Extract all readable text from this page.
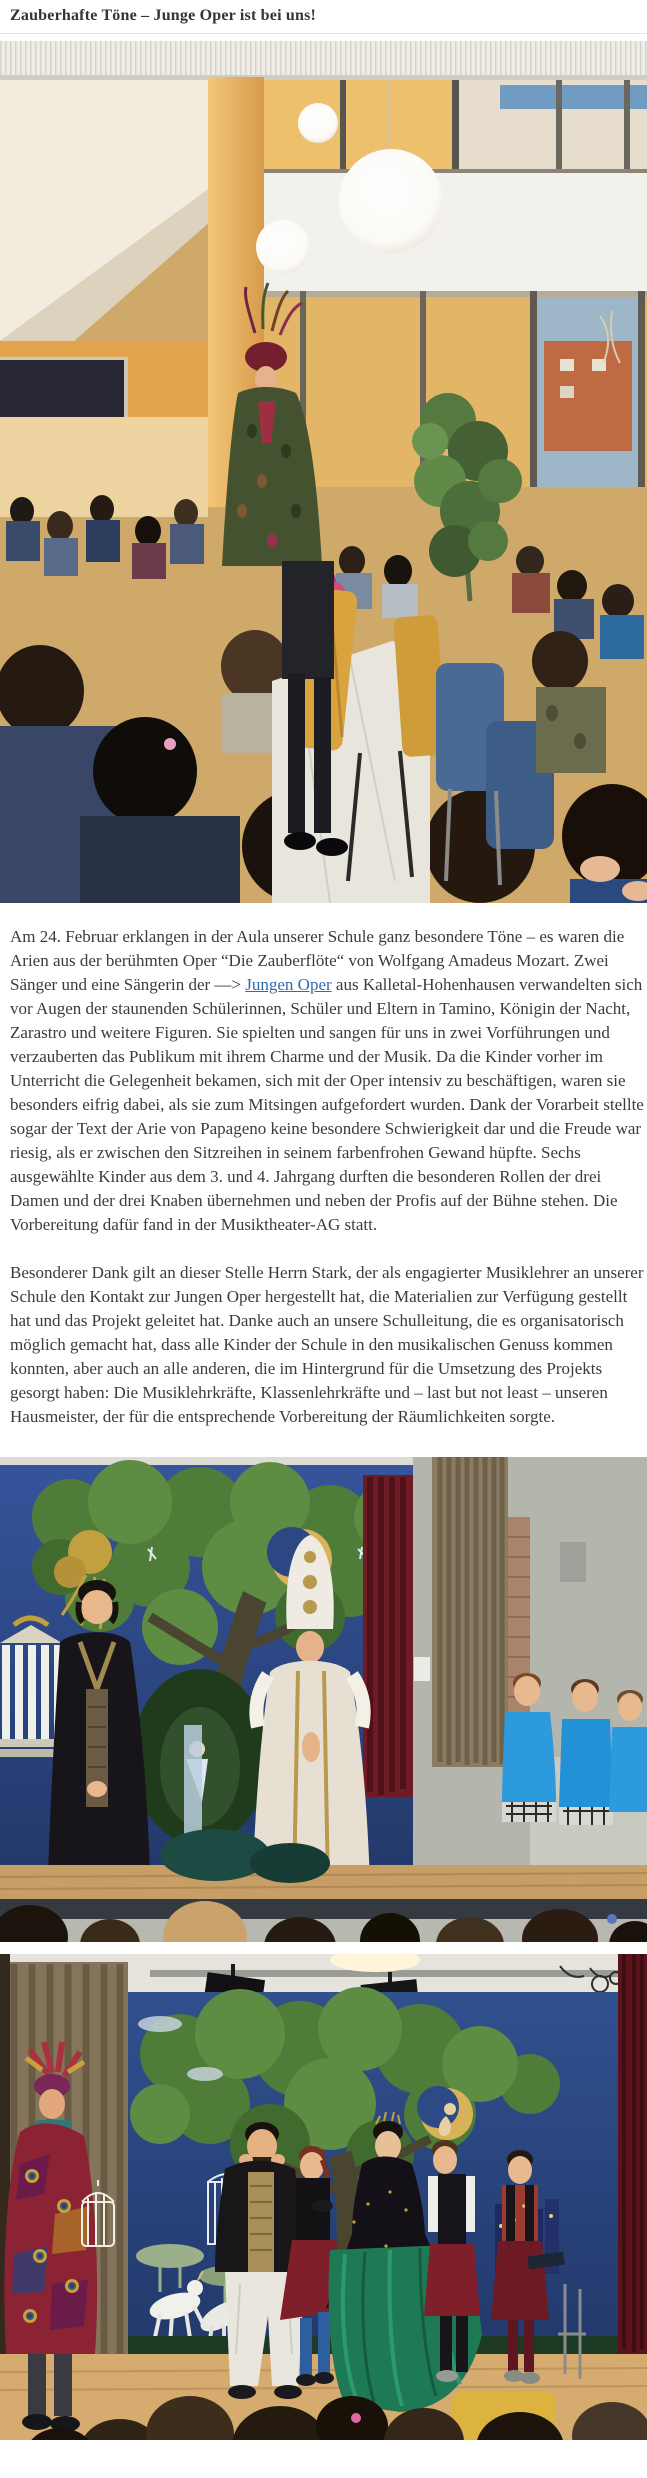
Zauberhafte Töne – Junge Oper ist bei uns!

Am 24. Februar erklangen in der Aula unserer Schule ganz besondere Töne – es waren die Arien aus der berühmten Oper “Die Zauberflöte“ von Wolfgang Amadeus Mozart. Zwei Sänger und eine Sängerin der —> Jungen Oper aus Kalletal-Hohenhausen verwandelten sich vor Augen der staunenden Schülerinnen, Schüler und Eltern in Tamino, Königin der Nacht, Zarastro und weitere Figuren. Sie spielten und sangen für uns in zwei Vorführungen und verzauberten das Publikum mit ihrem Charme und der Musik. Da die Kinder vorher im Unterricht die Gelegenheit bekamen, sich mit der Oper intensiv zu beschäftigen, waren sie besonders eifrig dabei, als sie zum Mitsingen aufgefordert wurden. Dank der Vorarbeit stellte sogar der Text der Arie von Papageno keine besondere Schwierigkeit dar und die Freude war riesig, als er zwischen den Sitzreihen in seinem farbenfrohen Gewand hüpfte. Sechs ausgewählte Kinder aus dem 3. und 4. Jahrgang durften die besonderen Rollen der drei Damen und der drei Knaben übernehmen und neben der Profis auf der Bühne stehen. Die Vorbereitung dafür fand in der Musiktheater-AG statt.

Besonderer Dank gilt an dieser Stelle Herrn Stark, der als engagierter Musiklehrer an unserer Schule den Kontakt zur Jungen Oper hergestellt hat, die Materialien zur Verfügung gestellt hat und das Projekt geleitet hat. Danke auch an unsere Schulleitung, die es organisatorisch möglich gemacht hat, dass alle Kinder der Schule in den musikalischen Genuss kommen konnten, aber auch an alle anderen, die im Hintergrund für die Umsetzung des Projekts gesorgt haben: Die Musiklehrkräfte, Klassenlehrkräfte und – last but not least – unseren Hausmeister, der für die entsprechende Vorbereitung der Räumlichkeiten sorgte.
